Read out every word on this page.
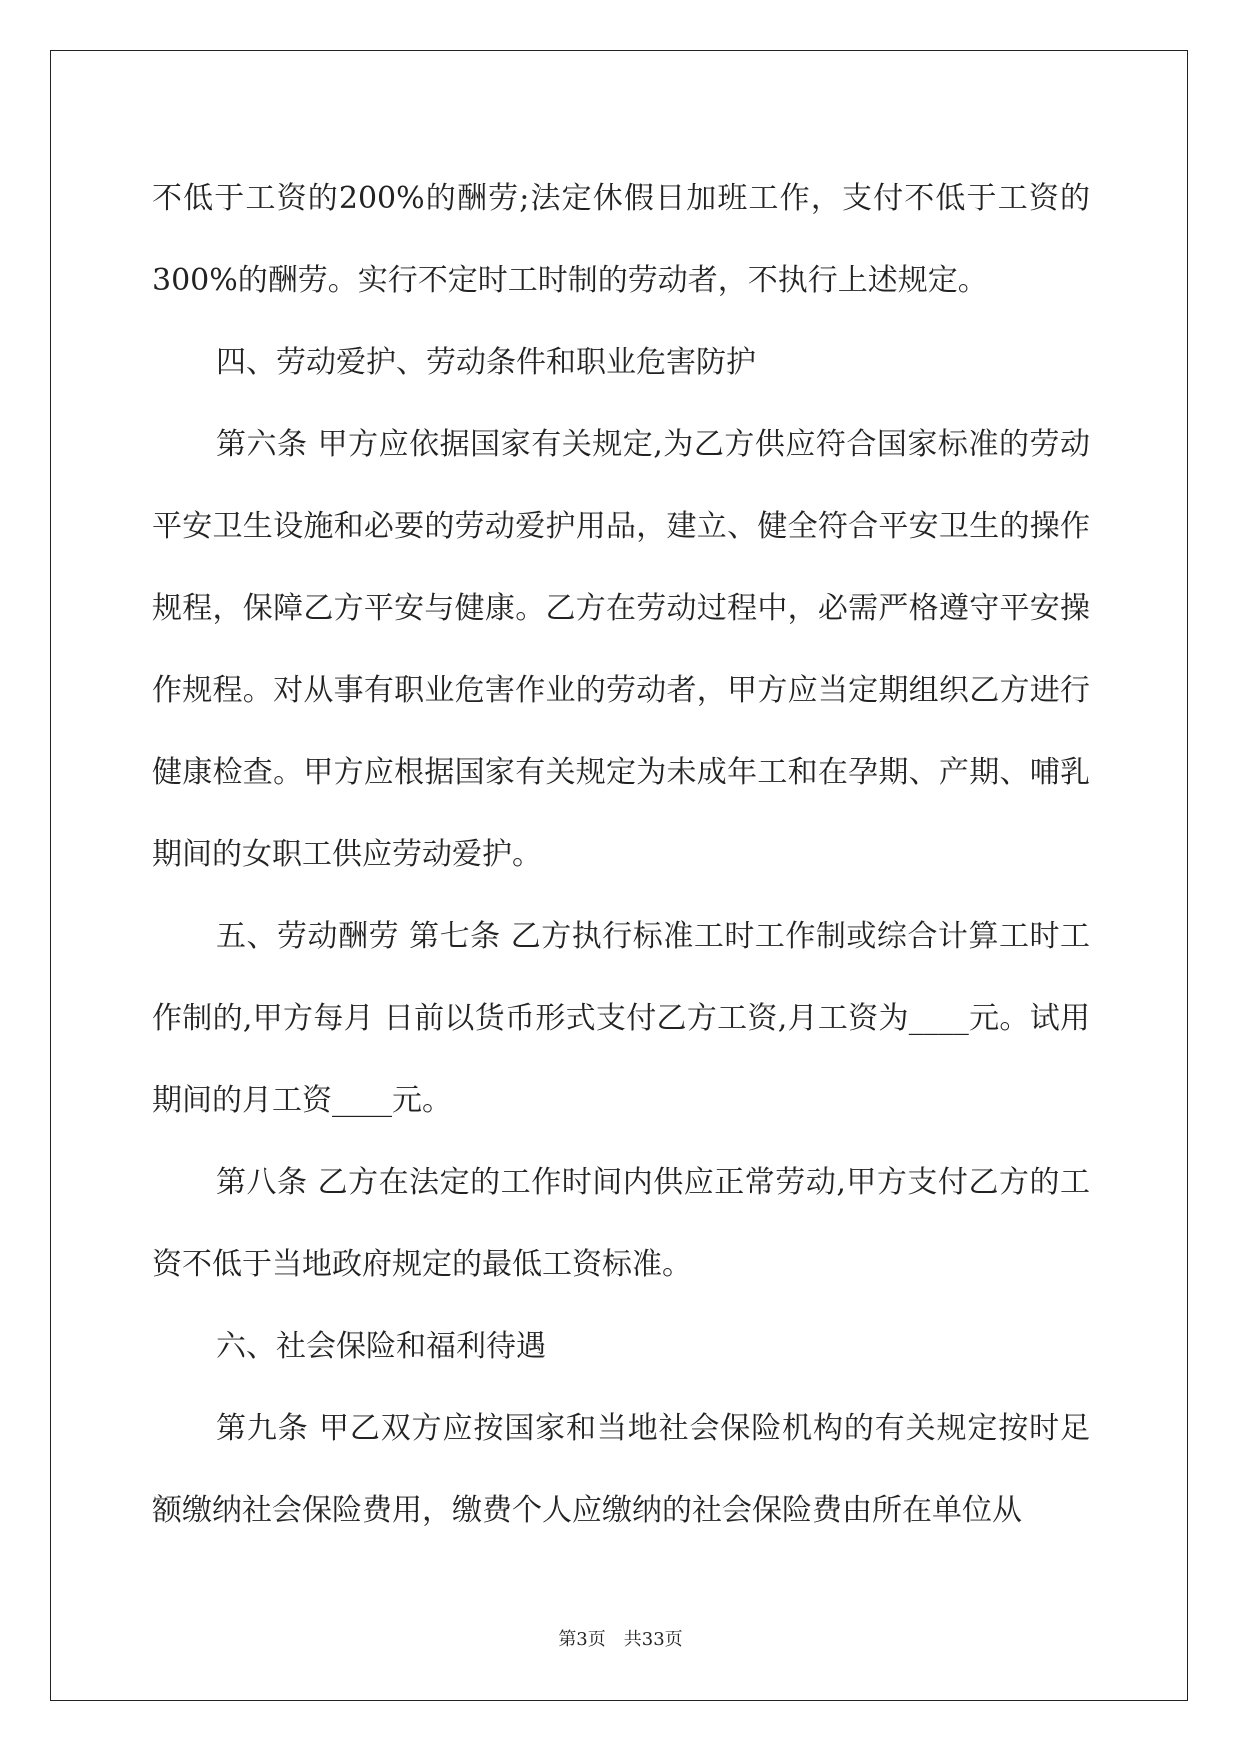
不低于工资的200%的酬劳;法定休假日加班工作，支付不低于工资的300%的酬劳。实行不定时工时制的劳动者，不执行上述规定。

四、劳动爱护、劳动条件和职业危害防护

第六条 甲方应依据国家有关规定,为乙方供应符合国家标准的劳动平安卫生设施和必要的劳动爱护用品，建立、健全符合平安卫生的操作规程，保障乙方平安与健康。乙方在劳动过程中，必需严格遵守平安操作规程。对从事有职业危害作业的劳动者，甲方应当定期组织乙方进行健康检查。甲方应根据国家有关规定为未成年工和在孕期、产期、哺乳期间的女职工供应劳动爱护。

五、劳动酬劳 第七条 乙方执行标准工时工作制或综合计算工时工作制的,甲方每月 日前以货币形式支付乙方工资,月工资为____元。试用期间的月工资____元。

第八条 乙方在法定的工作时间内供应正常劳动,甲方支付乙方的工资不低于当地政府规定的最低工资标准。

六、社会保险和福利待遇

第九条 甲乙双方应按国家和当地社会保险机构的有关规定按时足额缴纳社会保险费用，缴费个人应缴纳的社会保险费由所在单位从

第3页　共33页
